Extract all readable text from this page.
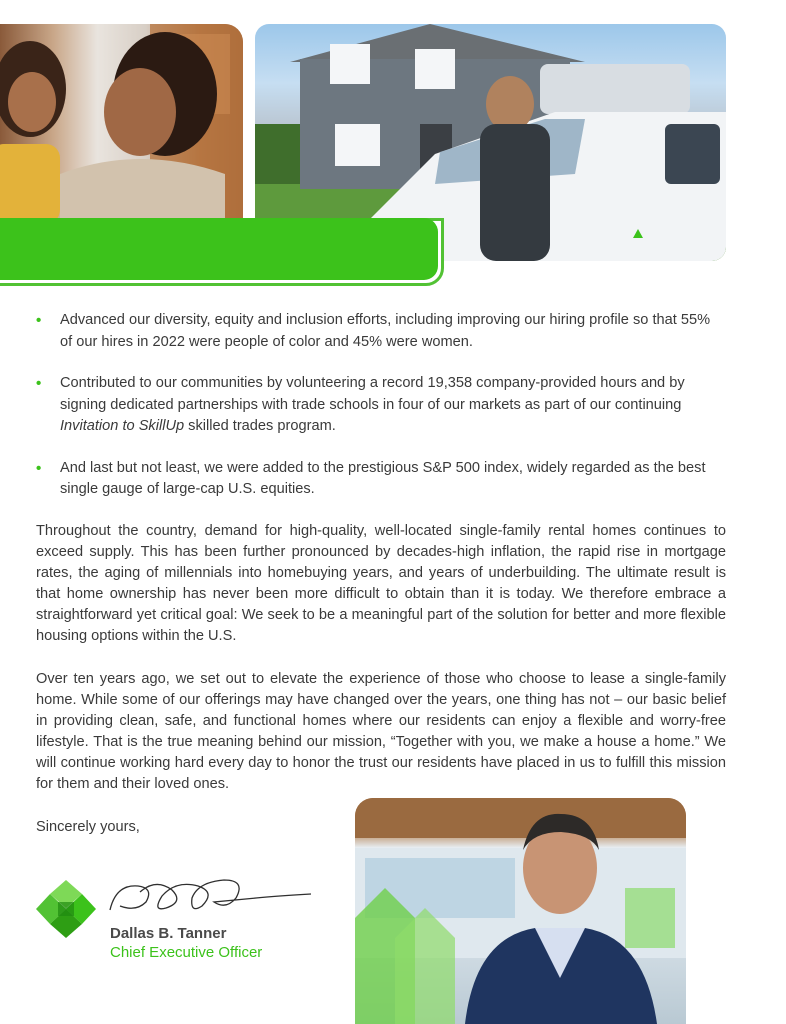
• Advanced our diversity, equity and inclusion efforts, including improving our hiring profile so that 55% of our hires in 2022 were people of color and 45% were women.
• Contributed to our communities by volunteering a record 19,358 company-provided hours and by signing dedicated partnerships with trade schools in four of our markets as part of our continuing Invitation to SkillUp skilled trades program.
• And last but not least, we were added to the prestigious S&P 500 index, widely regarded as the best single gauge of large-cap U.S. equities.

Throughout the country, demand for high-quality, well-located single-family rental homes continues to exceed supply. This has been further pronounced by decades-high inflation, the rapid rise in mortgage rates, the aging of millennials into homebuying years, and years of underbuilding. The ultimate result is that home ownership has never been more difficult to obtain than it is today. We therefore embrace a straightforward yet critical goal: We seek to be a meaningful part of the solution for better and more flexible housing options within the U.S.

Over ten years ago, we set out to elevate the experience of those who choose to lease a single-family home. While some of our offerings may have changed over the years, one thing has not – our basic belief in providing clean, safe, and functional homes where our residents can enjoy a flexible and worry-free lifestyle. That is the true meaning behind our mission, “Together with you, we make a house a home.” We will continue working hard every day to honor the trust our residents have placed in us to fulfill this mission for them and their loved ones.

Sincerely yours,

Dallas B. Tanner
Chief Executive Officer
